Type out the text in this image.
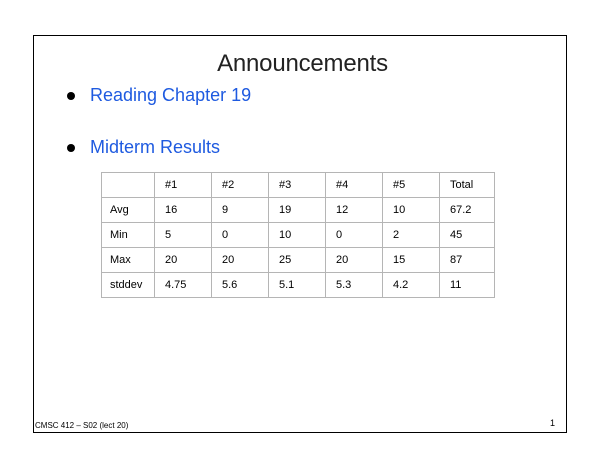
Announcements
Reading Chapter 19
Midterm Results
	#1	#2	#3	#4	#5	Total
Avg	16	9	19	12	10	67.2
Min	5	0	10	0	2	45
Max	20	20	25	20	15	87
stddev	4.75	5.6	5.1	5.3	4.2	11
CMSC 412 – S02 (lect 20)	1
